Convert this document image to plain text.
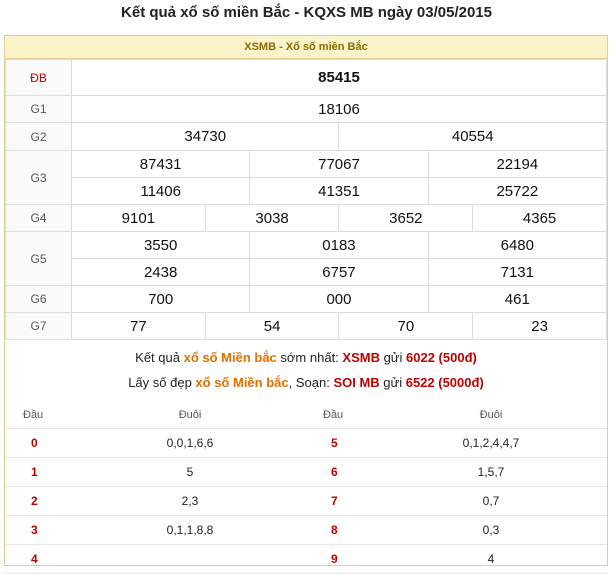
Kết quả xổ số miền Bắc - KQXS MB ngày 03/05/2015
XSMB - Xổ số miền Bắc
ĐB	85415											
G1	18106											
G2	34730						40554					
G3	87431				77067				22194			
	11406				41351				25722			
G4	9101			3038			3652			4365		
G5	3550				0183				6480			
	2438				6757				7131			
G6	700				000				461			
G7	77			54			70			23		

Kết quả xổ số Miền bắc sớm nhất: XSMB gửi 6022 (500đ)
Lấy số đẹp xổ số Miền bắc, Soạn: SOI MB gửi 6522 (5000đ)
Đầu	Đuôi	Đầu	Đuôi
0	0,0,1,6,6	5	0,1,2,4,4,7
1	5	6	1,5,7
2	2,3	7	0,7
3	0,1,1,8,8	8	0,3
4		9	4
